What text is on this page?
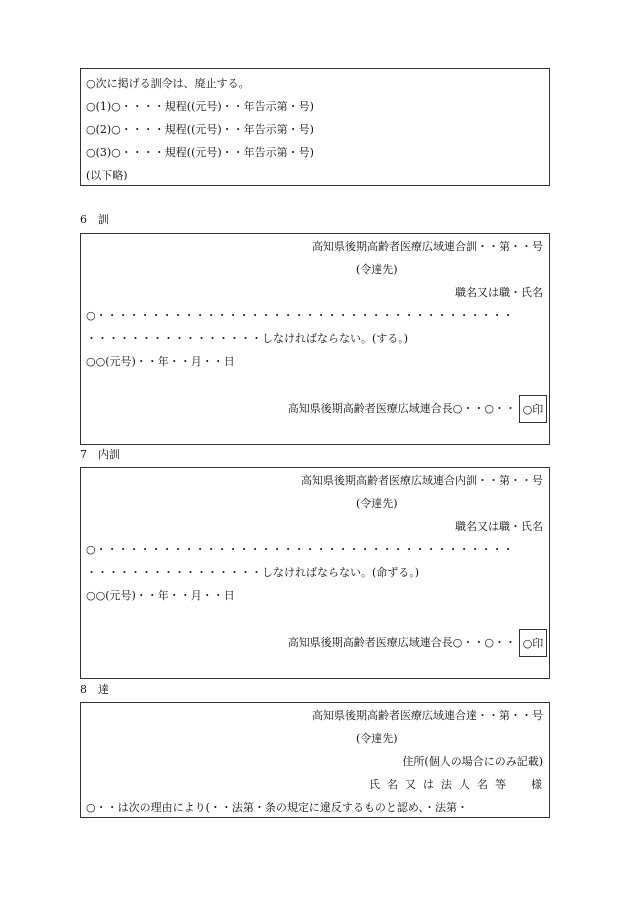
○次に掲げる訓令は、廃止する。
○(1)○・・・・規程((元号)・・年告示第・号)
○(2)○・・・・規程((元号)・・年告示第・号)
○(3)○・・・・規程((元号)・・年告示第・号)
(以下略)
6　訓
高知県後期高齢者医療広域連合訓・・第・・号
(令達先)
職名又は職・氏名
○・・・・・・・・・・・・・・・・・・・・・・・・・・・・・・・・・・・・・・
・・・・・・・・・・・・・・・・しなければならない。(する。)
○○(元号)・・年・・月・・日
高知県後期高齢者医療広域連合長○・・○・・ ○印
7　内訓
高知県後期高齢者医療広域連合内訓・・第・・号
(令達先)
職名又は職・氏名
○・・・・・・・・・・・・・・・・・・・・・・・・・・・・・・・・・・・・・・
・・・・・・・・・・・・・・・・しなければならない。(命ずる。)
○○(元号)・・年・・月・・日
高知県後期高齢者医療広域連合長○・・○・・ ○印
8　達
高知県後期高齢者医療広域連合達・・第・・号
(令達先)
住所(個人の場合にのみ記載)
氏名又は法人名等　様
○・・は次の理由により(・・法第・条の規定に違反するものと認め、・法第・
